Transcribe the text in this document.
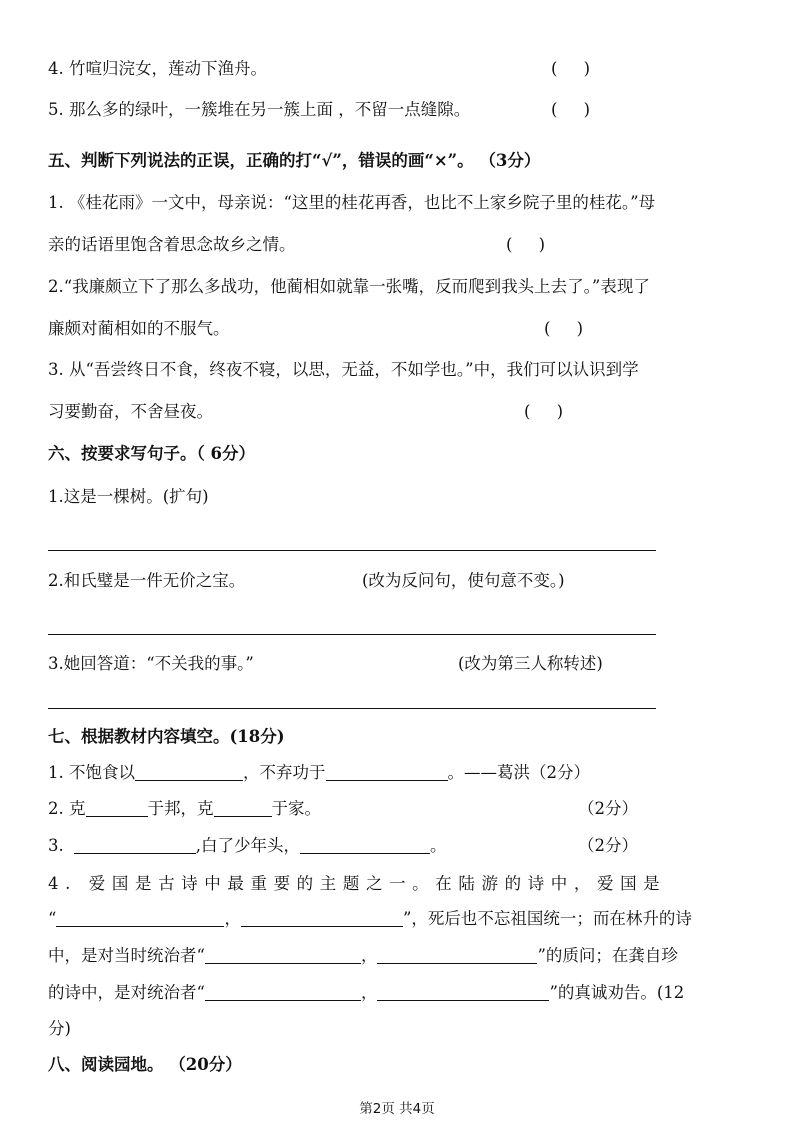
4. 竹喧归浣女，莲动下渔舟。	(     )
5. 那么多的绿叶，一簇堆在另一簇上面 ，不留一点缝隙。	(     )
五、判断下列说法的正误，正确的打“√”，错误的画“×”。 （3分）
1. 《桂花雨》一文中，母亲说：“这里的桂花再香，也比不上家乡院子里的桂花。”母
亲的话语里饱含着思念故乡之情。	(     )
2.“我廉颇立下了那么多战功，他蔺相如就靠一张嘴，反而爬到我头上去了。”表现了
廉颇对蔺相如的不服气。	(     )
3. 从“吾尝终日不食，终夜不寝，以思，无益，不如学也。”中，我们可以认识到学
习要勤奋，不舍昼夜。	(     )
六、按要求写句子。（ 6分）
1.这是一棵树。(扩句)
2.和氏璧是一件无价之宝。	(改为反问句，使句意不变。)
3.她回答道：“不关我的事。”	(改为第三人称转述)
七、根据教材内容填空。(18分)
1. 不饱食以	，不弃功于	。——葛洪（2分）
2. 克	于邦，克	于家。	（2分）
3.	,白了少年头，	。	（2分）
4. 爱国是古诗中最重要的主题之一。在陆游的诗中，爱国是
“	，	”，死后也不忘祖国统一；而在林升的诗
中，是对当时统治者“	，	”的质问；在龚自珍
的诗中，是对统治者“	，	”的真诚劝告。(12
分)
八、阅读园地。 （20分）
第2页 共4页
